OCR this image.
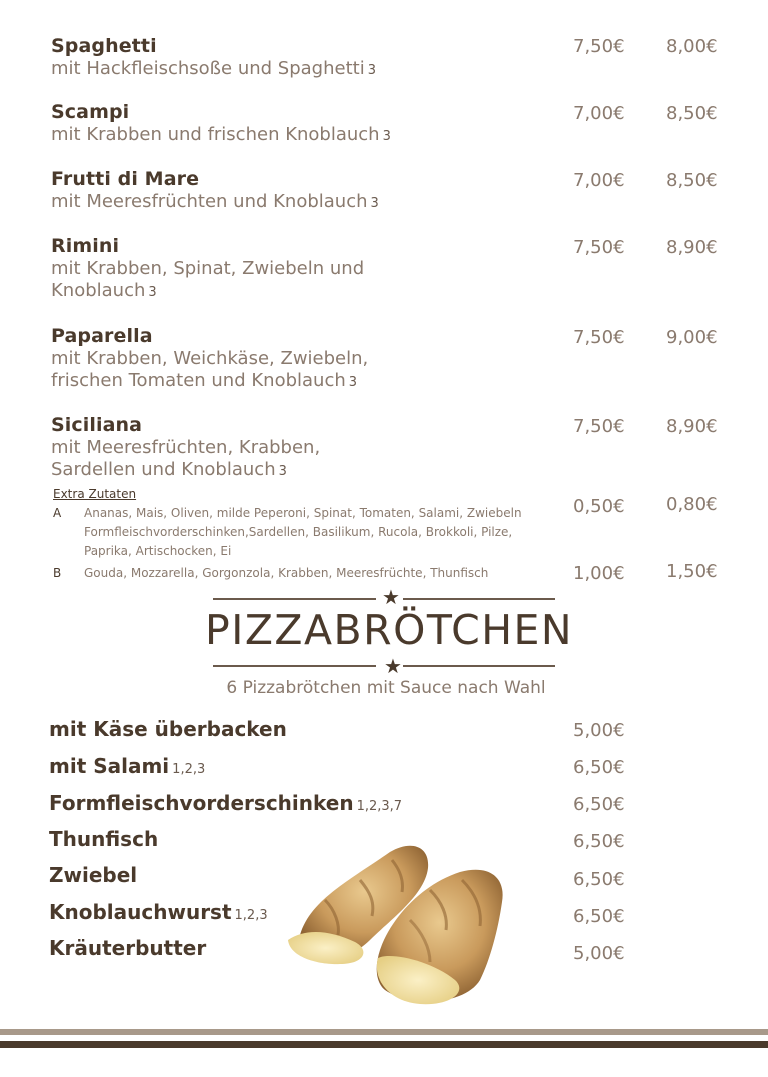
Spaghetti
mit Hackfleischsoße und Spaghetti 3
7,50€ 8,00€
Scampi
mit Krabben und frischen Knoblauch 3
7,00€ 8,50€
Frutti di Mare
mit Meeresfrüchten und Knoblauch 3
7,00€ 8,50€
Rimini
mit Krabben, Spinat, Zwiebeln und
Knoblauch 3
7,50€ 8,90€
Paparella
mit Krabben, Weichkäse, Zwiebeln,
frischen Tomaten und Knoblauch 3
7,50€ 9,00€
Siciliana
mit Meeresfrüchten, Krabben,
Sardellen und Knoblauch 3
7,50€ 8,90€
Extra Zutaten
A Ananas, Mais, Oliven, milde Peperoni, Spinat, Tomaten, Salami, Zwiebeln
Formfleischvorderschinken,Sardellen, Basilikum, Rucola, Brokkoli, Pilze,
Paprika, Artischocken, Ei
0,50€ 0,80€
B Gouda, Mozzarella, Gorgonzola, Krabben, Meeresfrüchte, Thunfisch	1,00€ 1,50€
★
PIZZABRÖTCHEN
★
6 Pizzabrötchen mit Sauce nach Wahl
mit Käse überbacken	5,00€
mit Salami 1,2,3	6,50€
Formfleischvorderschinken 1,2,3,7	6,50€
Thunfisch	6,50€
Zwiebel	6,50€
Knoblauchwurst 1,2,3	6,50€
Kräuterbutter	5,00€
